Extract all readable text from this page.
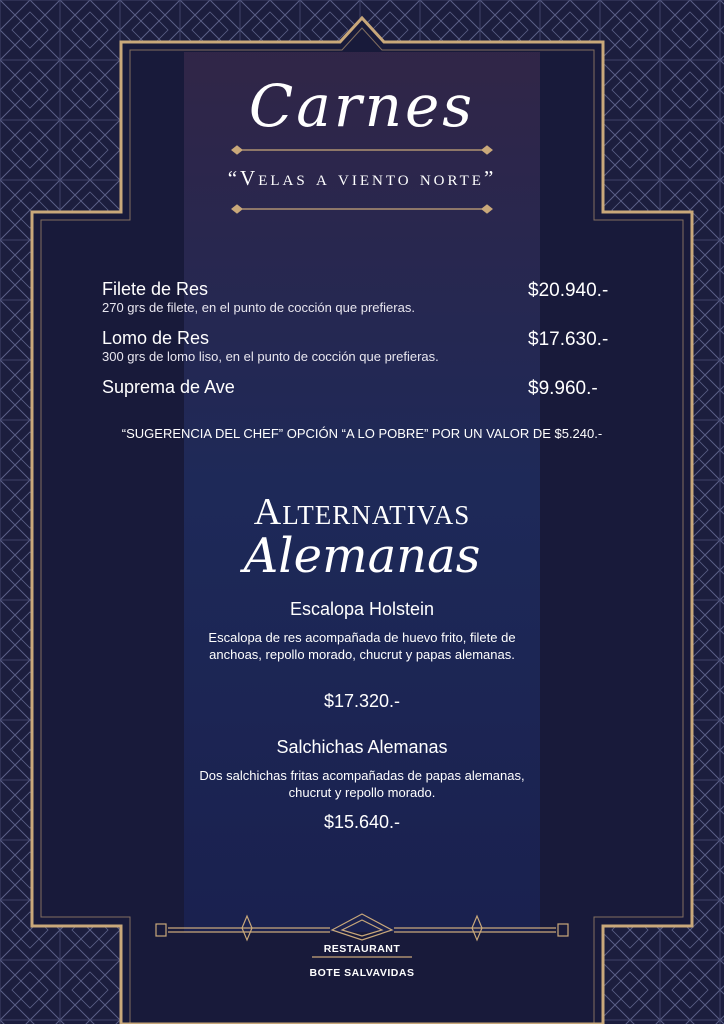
Carnes
“Velas a viento norte”
Filete de Res
270 grs de filete, en el punto de cocción que prefieras.
$20.940.-
Lomo de Res
300 grs de lomo liso, en el punto de cocción que prefieras.
$17.630.-
Suprema de Ave	$9.960.-
“SUGERENCIA DEL CHEF” OPCIÓN “A LO POBRE” POR UN VALOR DE $5.240.-
Alternativas
Alemanas
Escalopa Holstein
Escalopa de res acompañada de huevo frito, filete de anchoas, repollo morado, chucrut y papas alemanas.
$17.320.-
Salchichas Alemanas
Dos salchichas fritas acompañadas de papas alemanas, chucrut y repollo morado.
$15.640.-
RESTAURANT
BOTE SALVAVIDAS
